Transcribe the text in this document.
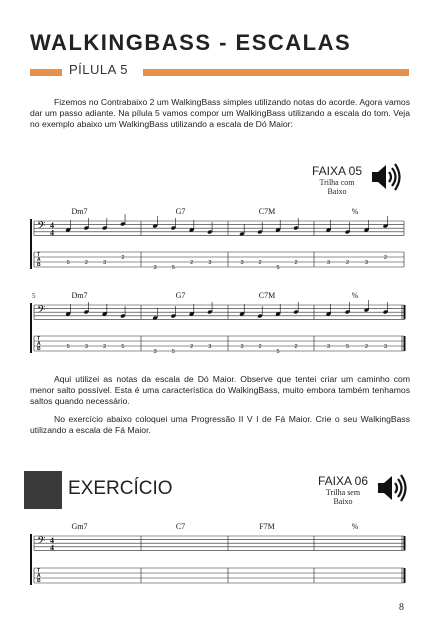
WALKINGBASS - ESCALAS
PÍLULA 5

Fizemos no Contrabaixo 2 um WalkingBass simples utilizando notas do acorde. Agora vamos dar um passo adiante. Na pílula 5 vamos compor um WalkingBass utilizando a escala do tom. Veja no exemplo abaixo um WalkingBass utilizando a escala de Dó Maior:

FAIXA 05
Trilha com
Baixo
𝄢 4
4
T
A
B
Dm7	G7	C7M	%
5	2	3
2
3	5
2	3	3	2
5
2	3	2	3
2
𝄢
T
A
B
Dm7	G7	C7M	%
5
5	3	2	5
3	5
2	3	3	2
5
2	3	5	2	3
𝄢 4
4
T
A
B
Gm7	C7	F7M	%

Aqui utilizei as notas da escala de Dó Maior. Observe que tentei criar um caminho com menor salto possível. Esta é uma característica do WalkingBass, muito embora também tenhamos saltos quando necessário.

No exercício abaixo coloquei uma Progressão II V I de Fá Maior. Crie o seu WalkingBass utilizando a escala de Fá Maior.

EXERCÍCIO	FAIXA 06
Trilha sem
Baixo
8
